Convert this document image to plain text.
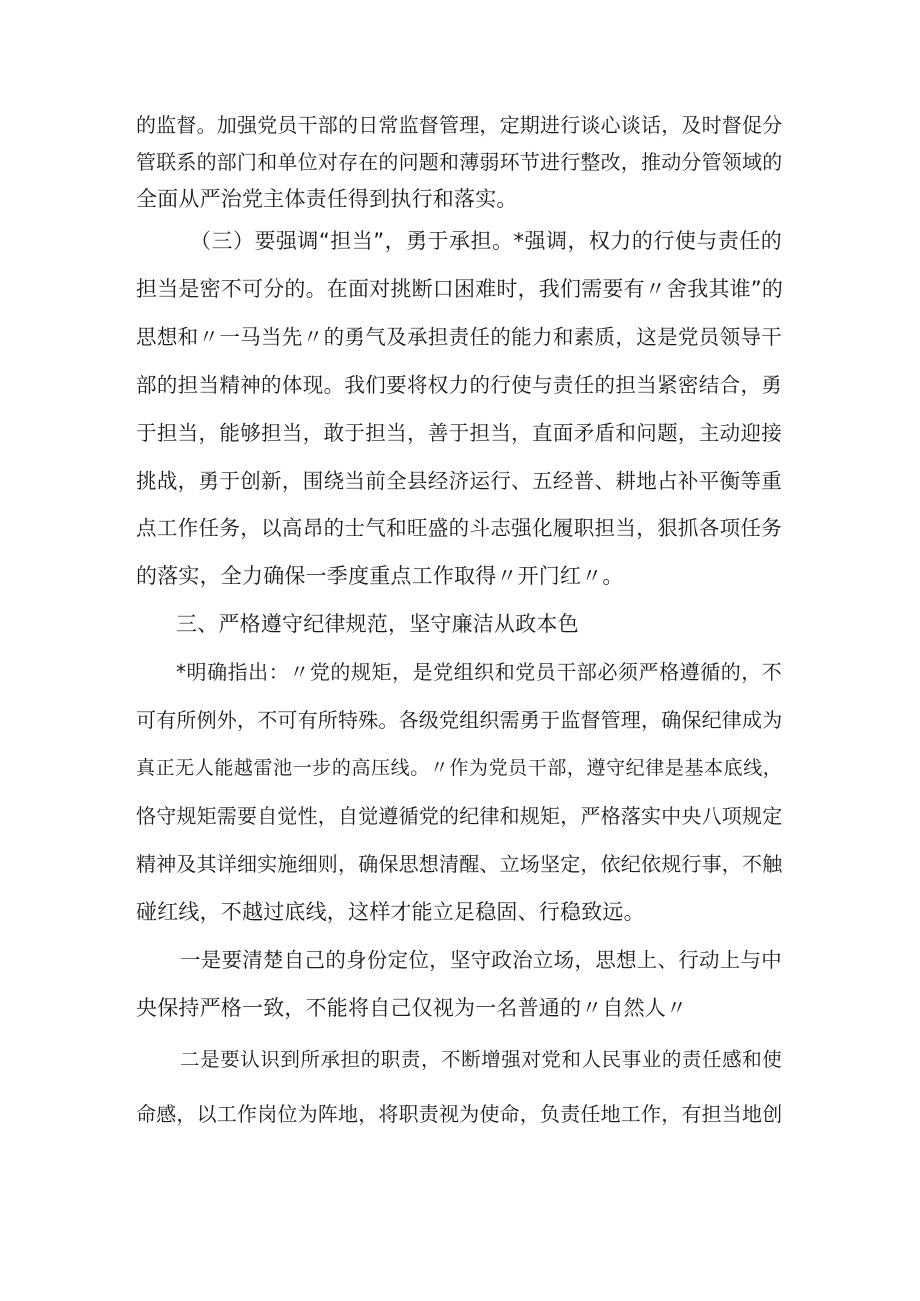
的监督。加强党员干部的日常监督管理，定期进行谈心谈话，及时督促分
管联系的部门和单位对存在的问题和薄弱环节进行整改，推动分管领域的
全面从严治党主体责任得到执行和落实。
（三）要强调“担当”，勇于承担。*强调，权力的行使与责任的
担当是密不可分的。在面对挑断口困难时，我们需要有〃舍我其谁”的
思想和〃一马当先〃的勇气及承担责任的能力和素质，这是党员领导干
部的担当精神的体现。我们要将权力的行使与责任的担当紧密结合，勇
于担当，能够担当，敢于担当，善于担当，直面矛盾和问题，主动迎接
挑战，勇于创新，围绕当前全县经济运行、五经普、耕地占补平衡等重
点工作任务，以高昂的士气和旺盛的斗志强化履职担当，狠抓各项任务
的落实，全力确保一季度重点工作取得〃开门红〃。
三、严格遵守纪律规范，坚守廉洁从政本色
*明确指出：〃党的规矩，是党组织和党员干部必须严格遵循的，不
可有所例外，不可有所特殊。各级党组织需勇于监督管理，确保纪律成为
真正无人能越雷池一步的高压线。〃作为党员干部，遵守纪律是基本底线，
恪守规矩需要自觉性，自觉遵循党的纪律和规矩，严格落实中央八项规定
精神及其详细实施细则，确保思想清醒、立场坚定，依纪依规行事，不触
碰红线，不越过底线，这样才能立足稳固、行稳致远。
一是要清楚自己的身份定位，坚守政治立场，思想上、行动上与中
央保持严格一致，不能将自己仅视为一名普通的〃自然人〃
二是要认识到所承担的职责，不断增强对党和人民事业的责任感和使
命感，以工作岗位为阵地，将职责视为使命，负责任地工作，有担当地创
